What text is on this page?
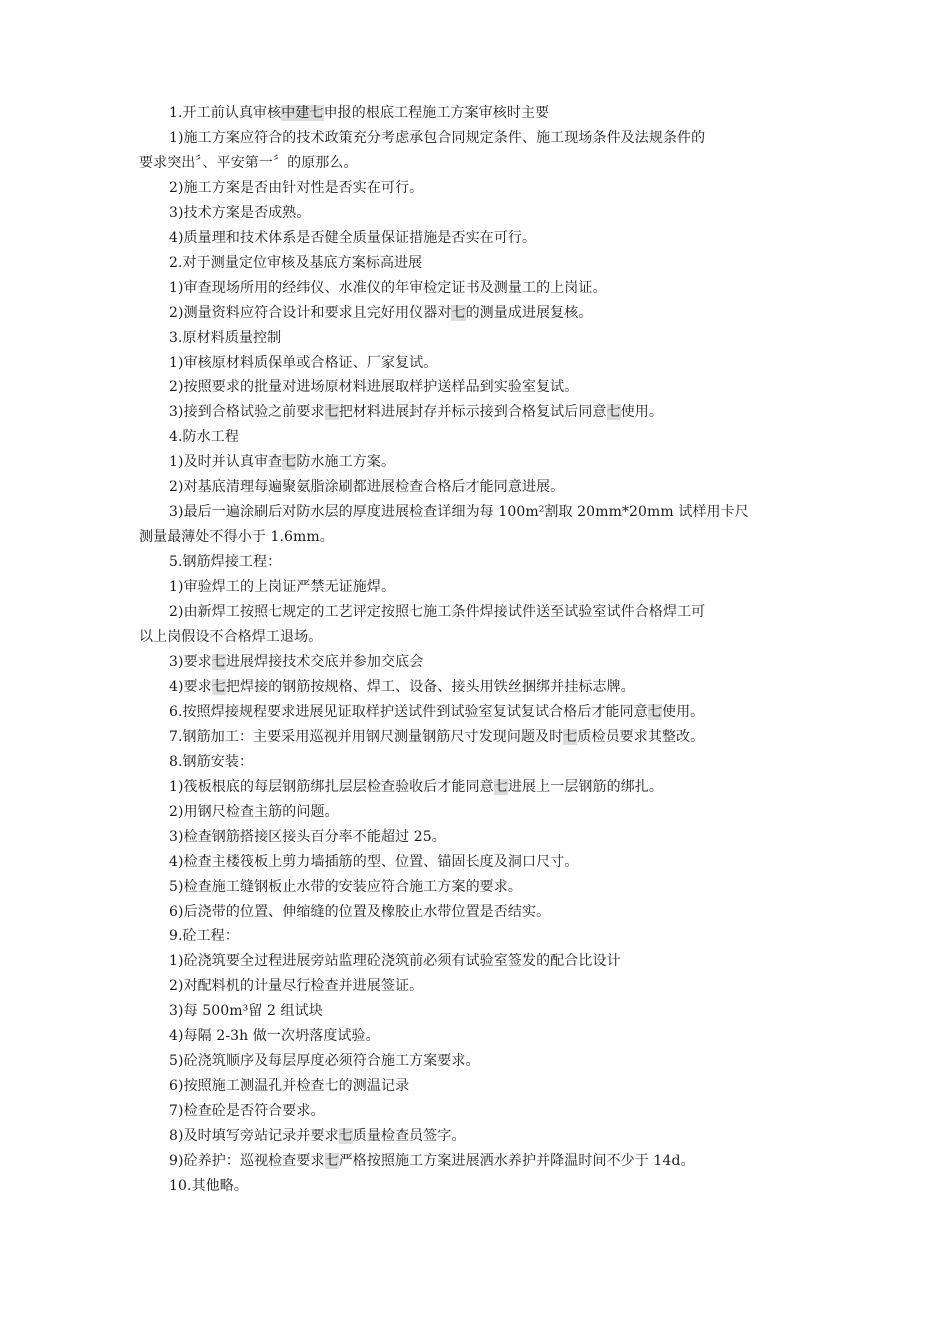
1.开工前认真审核中建七申报的根底工程施工方案审核时主要
1)施工方案应符合的技术政策充分考虑承包合同规定条件、施工现场条件及法规条件的
要求突出〞、平安第一〞的原那么。
2)施工方案是否由针对性是否实在可行。
3)技术方案是否成熟。
4)质量理和技术体系是否健全质量保证措施是否实在可行。
2.对于测量定位审核及基底方案标高进展
1)审查现场所用的经纬仪、水准仪的年审检定证书及测量工的上岗证。
2)测量资料应符合设计和要求且完好用仪器对七的测量成进展复核。
3.原材料质量控制
1)审核原材料质保单或合格证、厂家复试。
2)按照要求的批量对进场原材料进展取样护送样品到实验室复试。
3)接到合格试验之前要求七把材料进展封存并标示接到合格复试后同意七使用。
4.防水工程
1)及时并认真审查七防水施工方案。
2)对基底清理每遍聚氨脂涂刷都进展检查合格后才能同意进展。
3)最后一遍涂刷后对防水层的厚度进展检查详细为每 100m²割取 20mm*20mm 试样用卡尺
测量最薄处不得小于 1.6mm。
5.钢筋焊接工程：
1)审验焊工的上岗证严禁无证施焊。
2)由新焊工按照七规定的工艺评定按照七施工条件焊接试件送至试验室试件合格焊工可
以上岗假设不合格焊工退场。
3)要求七进展焊接技术交底并参加交底会
4)要求七把焊接的钢筋按规格、焊工、设备、接头用铁丝捆绑并挂标志牌。
6.按照焊接规程要求进展见证取样护送试件到试验室复试复试合格后才能同意七使用。
7.钢筋加工：主要采用巡视并用钢尺测量钢筋尺寸发现问题及时七质检员要求其整改。
8.钢筋安装：
1)筏板根底的每层钢筋绑扎层层检查验收后才能同意七进展上一层钢筋的绑扎。
2)用钢尺检查主筋的问题。
3)检查钢筋搭接区接头百分率不能超过 25。
4)检查主楼筏板上剪力墙插筋的型、位置、锚固长度及洞口尺寸。
5)检查施工缝钢板止水带的安装应符合施工方案的要求。
6)后浇带的位置、伸缩缝的位置及橡胶止水带位置是否结实。
9.砼工程：
1)砼浇筑要全过程进展旁站监理砼浇筑前必须有试验室签发的配合比设计
2)对配料机的计量尽行检查并进展签证。
3)每 500m³留 2 组试块
4)每隔 2-3h 做一次坍落度试验。
5)砼浇筑顺序及每层厚度必须符合施工方案要求。
6)按照施工测温孔并检查七的测温记录
7)检查砼是否符合要求。
8)及时填写旁站记录并要求七质量检查员签字。
9)砼养护：巡视检查要求七严格按照施工方案进展洒水养护并降温时间不少于 14d。
10.其他略。
